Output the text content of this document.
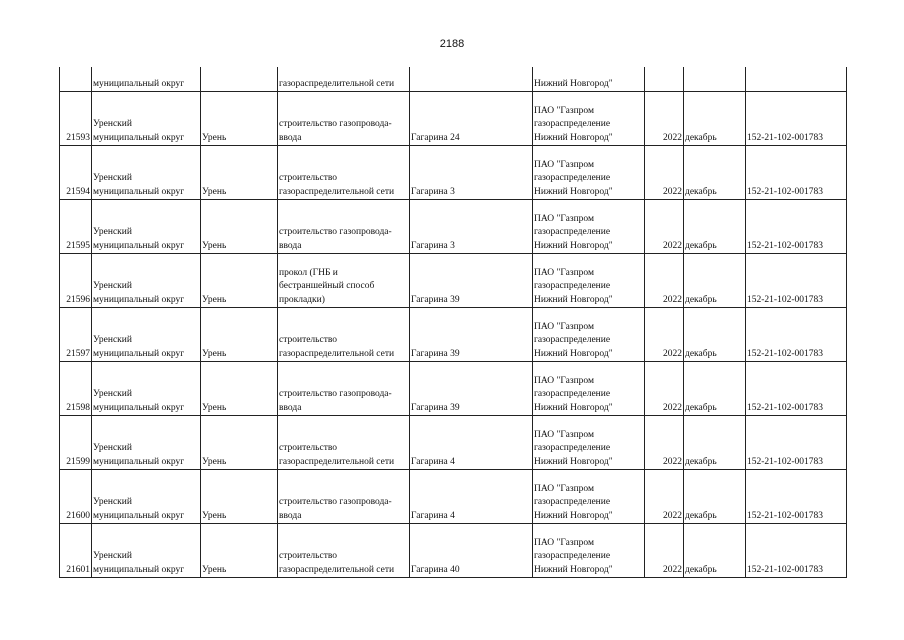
2188
	муниципальный округ		газораспределительной сети		Нижний Новгород"			
21593	Уренский
муниципальный округ	Урень	строительство газопровода-
ввода	Гагарина 24	ПАО "Газпром
газораспределение
Нижний Новгород"	2022	декабрь	152-21-102-001783
21594	Уренский
муниципальный округ	Урень	строительство
газораспределительной сети	Гагарина 3	ПАО "Газпром
газораспределение
Нижний Новгород"	2022	декабрь	152-21-102-001783
21595	Уренский
муниципальный округ	Урень	строительство газопровода-
ввода	Гагарина 3	ПАО "Газпром
газораспределение
Нижний Новгород"	2022	декабрь	152-21-102-001783
21596	Уренский
муниципальный округ	Урень	прокол (ГНБ и
бестраншейный способ
прокладки)	Гагарина 39	ПАО "Газпром
газораспределение
Нижний Новгород"	2022	декабрь	152-21-102-001783
21597	Уренский
муниципальный округ	Урень	строительство
газораспределительной сети	Гагарина 39	ПАО "Газпром
газораспределение
Нижний Новгород"	2022	декабрь	152-21-102-001783
21598	Уренский
муниципальный округ	Урень	строительство газопровода-
ввода	Гагарина 39	ПАО "Газпром
газораспределение
Нижний Новгород"	2022	декабрь	152-21-102-001783
21599	Уренский
муниципальный округ	Урень	строительство
газораспределительной сети	Гагарина 4	ПАО "Газпром
газораспределение
Нижний Новгород"	2022	декабрь	152-21-102-001783
21600	Уренский
муниципальный округ	Урень	строительство газопровода-
ввода	Гагарина 4	ПАО "Газпром
газораспределение
Нижний Новгород"	2022	декабрь	152-21-102-001783
21601	Уренский
муниципальный округ	Урень	строительство
газораспределительной сети	Гагарина 40	ПАО "Газпром
газораспределение
Нижний Новгород"	2022	декабрь	152-21-102-001783
